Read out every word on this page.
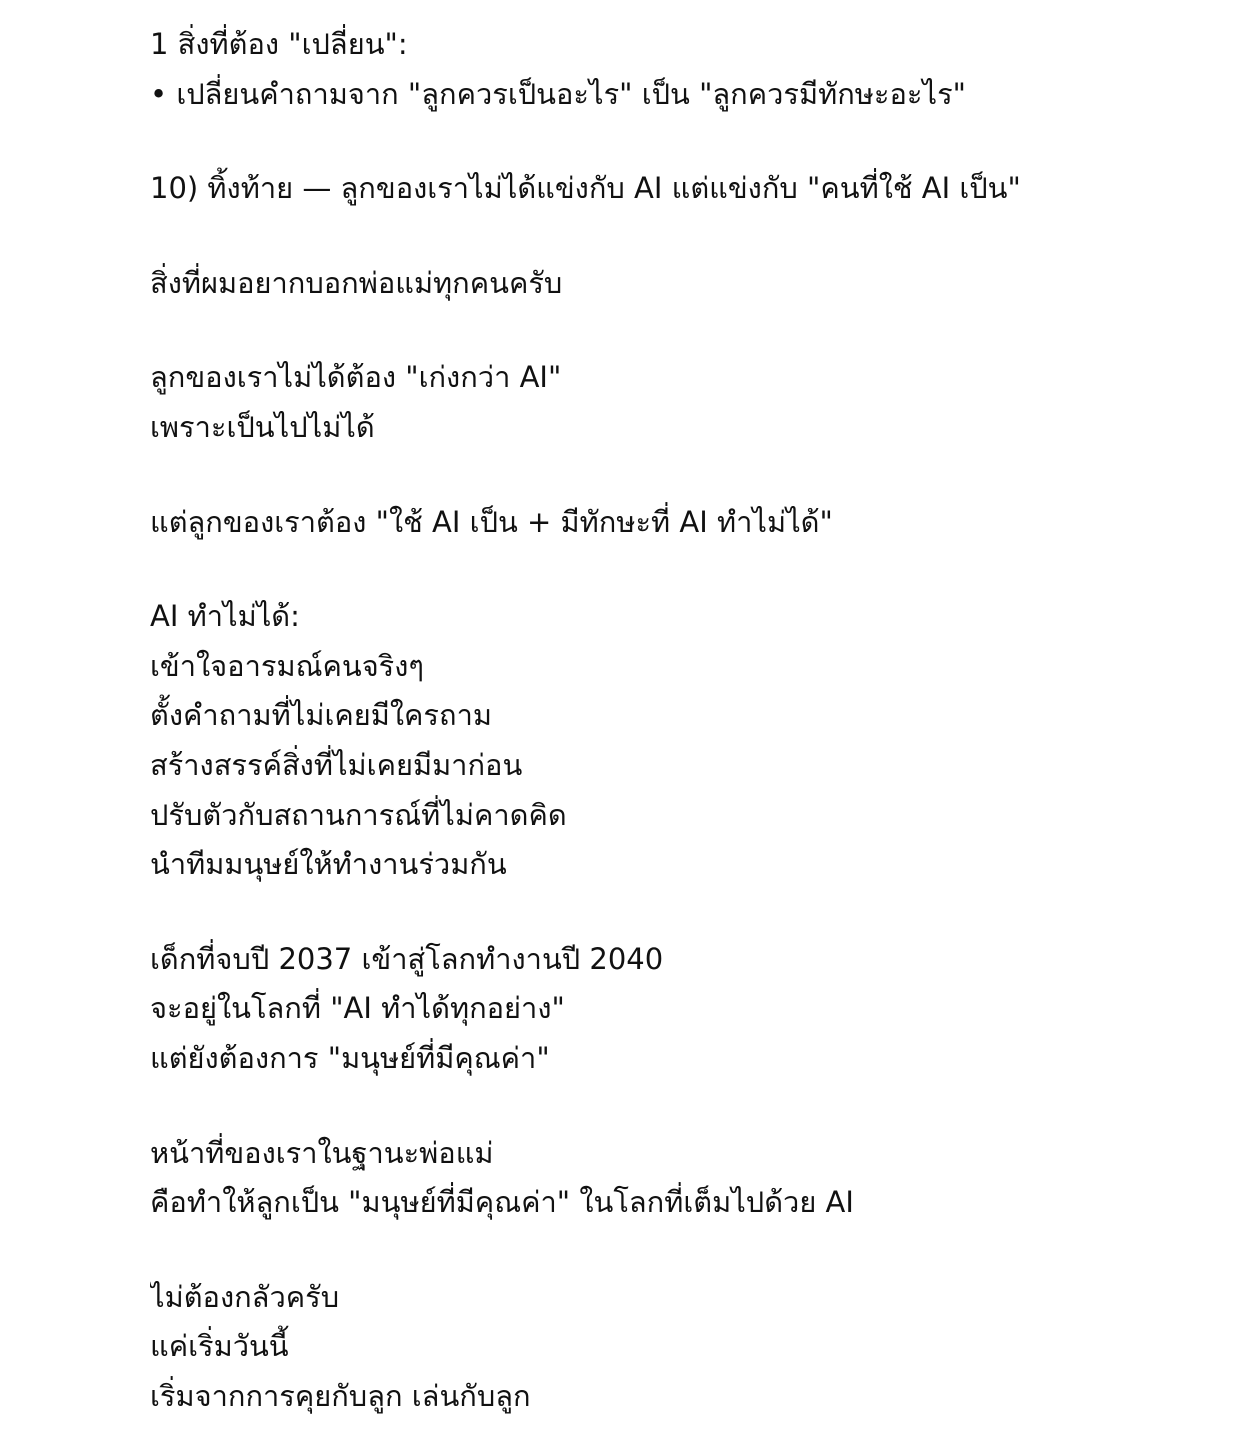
1 สิ่งที่ต้อง "เปลี่ยน":

• เปลี่ยนคำถามจาก "ลูกควรเป็นอะไร" เป็น "ลูกควรมีทักษะอะไร"

10) ทิ้งท้าย — ลูกของเราไม่ได้แข่งกับ AI แต่แข่งกับ "คนที่ใช้ AI เป็น"

สิ่งที่ผมอยากบอกพ่อแม่ทุกคนครับ

ลูกของเราไม่ได้ต้อง "เก่งกว่า AI"

เพราะเป็นไปไม่ได้

แต่ลูกของเราต้อง "ใช้ AI เป็น + มีทักษะที่ AI ทำไม่ได้"

AI ทำไม่ได้:

เข้าใจอารมณ์คนจริงๆ

ตั้งคำถามที่ไม่เคยมีใครถาม

สร้างสรรค์สิ่งที่ไม่เคยมีมาก่อน

ปรับตัวกับสถานการณ์ที่ไม่คาดคิด

นำทีมมนุษย์ให้ทำงานร่วมกัน

เด็กที่จบปี 2037 เข้าสู่โลกทำงานปี 2040

จะอยู่ในโลกที่ "AI ทำได้ทุกอย่าง"

แต่ยังต้องการ "มนุษย์ที่มีคุณค่า"

หน้าที่ของเราในฐานะพ่อแม่

คือทำให้ลูกเป็น "มนุษย์ที่มีคุณค่า" ในโลกที่เต็มไปด้วย AI

ไม่ต้องกลัวครับ

แค่เริ่มวันนี้

เริ่มจากการคุยกับลูก เล่นกับลูก
